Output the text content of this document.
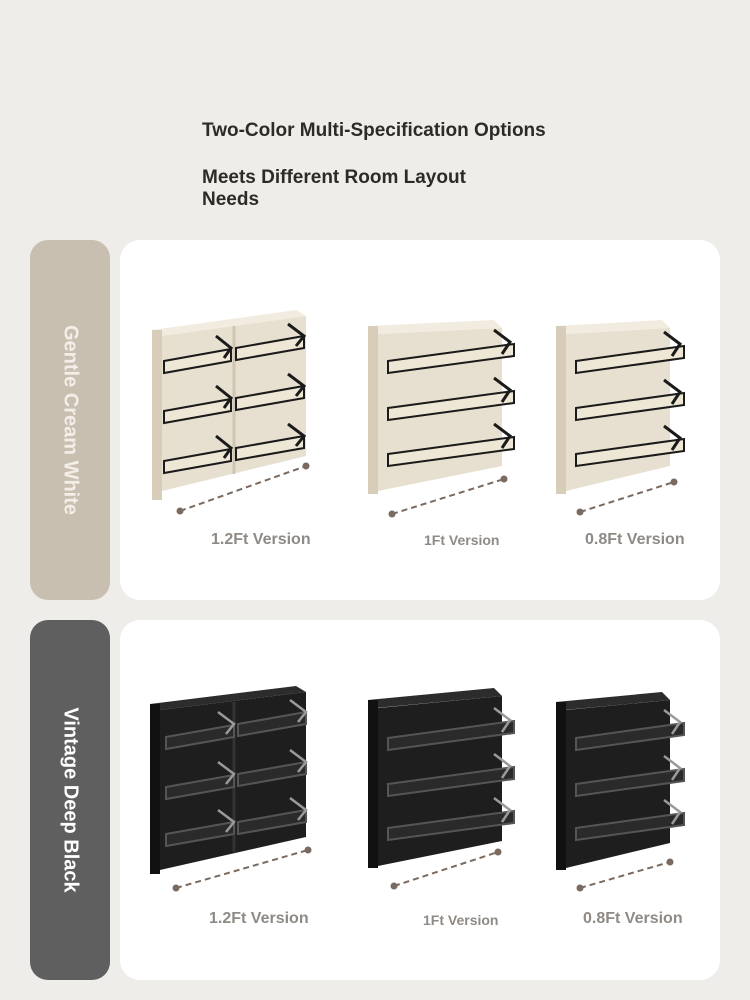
Two-Color Multi-Specification Options
Meets Different Room Layout Needs
Gentle Cream White
1.2Ft Version	1Ft Version	0.8Ft Version
Vintage Deep Black
1.2Ft Version	1Ft Version	0.8Ft Version
